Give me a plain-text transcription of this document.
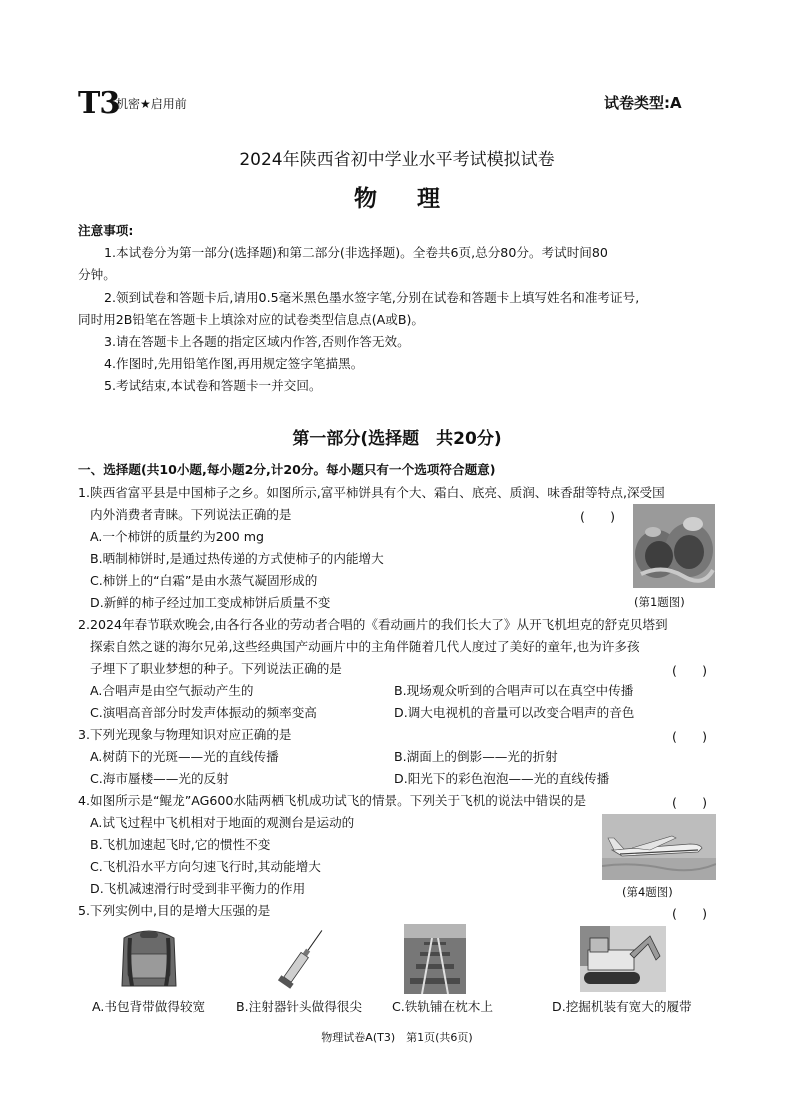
T3
机密★启用前	试卷类型:A
2024年陕西省初中学业水平考试模拟试卷
物理
注意事项:
1.本试卷分为第一部分(选择题)和第二部分(非选择题)。全卷共6页,总分80分。考试时间80
分钟。
2.领到试卷和答题卡后,请用0.5毫米黑色墨水签字笔,分别在试卷和答题卡上填写姓名和准考证号,
同时用2B铅笔在答题卡上填涂对应的试卷类型信息点(A或B)。
3.请在答题卡上各题的指定区域内作答,否则作答无效。
4.作图时,先用铅笔作图,再用规定签字笔描黑。
5.考试结束,本试卷和答题卡一并交回。
第一部分(选择题　共20分)
一、选择题(共10小题,每小题2分,计20分。每小题只有一个选项符合题意)
1.陕西省富平县是中国柿子之乡。如图所示,富平柿饼具有个大、霜白、底亮、质润、味香甜等特点,深受国
内外消费者青睐。下列说法正确的是	(　　)
A.一个柿饼的质量约为200 mg
B.晒制柿饼时,是通过热传递的方式使柿子的内能增大
C.柿饼上的“白霜”是由水蒸气凝固形成的
D.新鲜的柿子经过加工变成柿饼后质量不变	(第1题图)
2.2024年春节联欢晚会,由各行各业的劳动者合唱的《看动画片的我们长大了》从开飞机坦克的舒克贝塔到
探索自然之谜的海尔兄弟,这些经典国产动画片中的主角伴随着几代人度过了美好的童年,也为许多孩
子埋下了职业梦想的种子。下列说法正确的是	(　　)
A.合唱声是由空气振动产生的	B.现场观众听到的合唱声可以在真空中传播
C.演唱高音部分时发声体振动的频率变高	D.调大电视机的音量可以改变合唱声的音色
3.下列光现象与物理知识对应正确的是	(　　)
A.树荫下的光斑——光的直线传播	B.湖面上的倒影——光的折射
C.海市蜃楼——光的反射	D.阳光下的彩色泡泡——光的直线传播
4.如图所示是“鲲龙”AG600水陆两栖飞机成功试飞的情景。下列关于飞机的说法中错误的是	(　　)
A.试飞过程中飞机相对于地面的观测台是运动的
B.飞机加速起飞时,它的惯性不变
C.飞机沿水平方向匀速飞行时,其动能增大
D.飞机减速滑行时受到非平衡力的作用	(第4题图)
5.下列实例中,目的是增大压强的是	(　　)
A.书包背带做得较宽 B.注射器针头做得很尖 C.铁轨铺在枕木上	D.挖掘机装有宽大的履带
物理试卷A(T3)　第1页(共6页)
